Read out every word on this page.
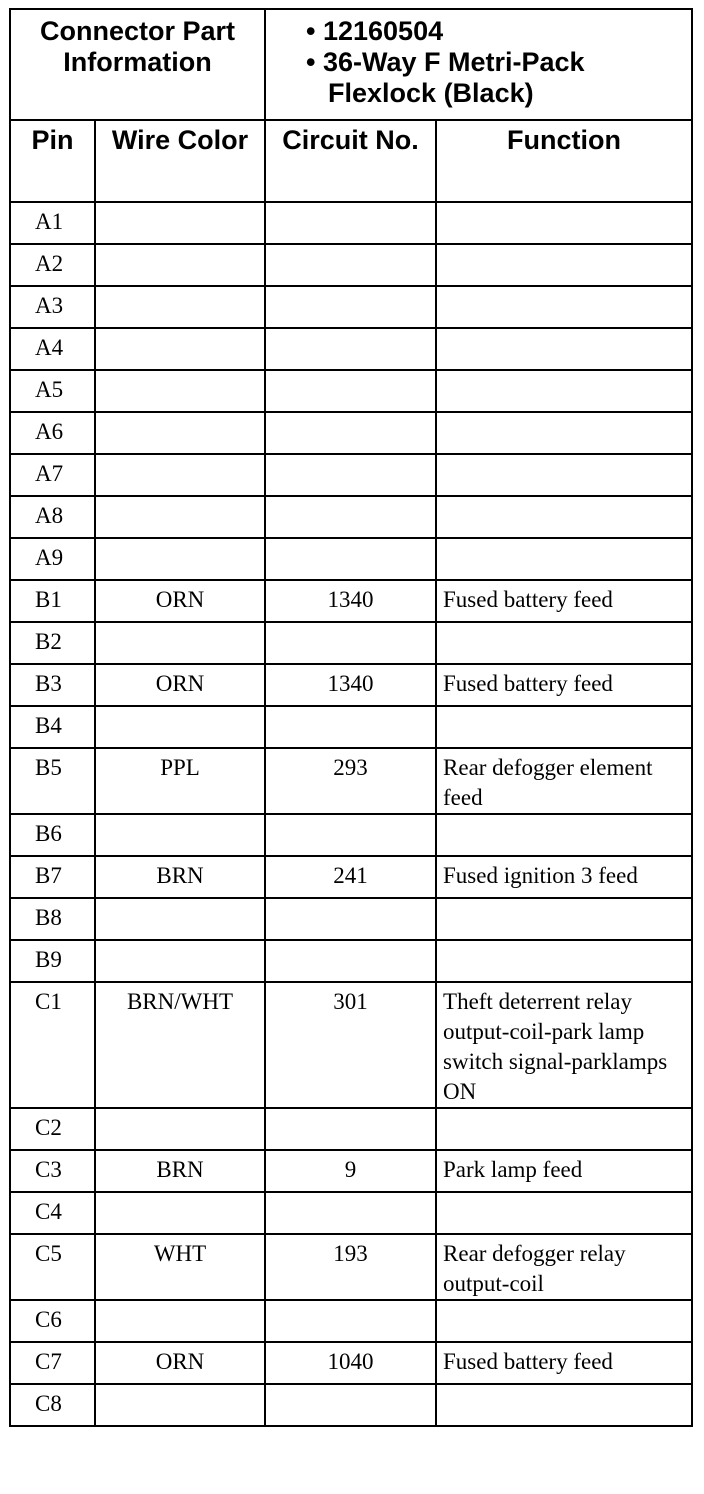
Connector Part Information		• 12160504
• 36-Way F Metri-Pack
Flexlock (Black)	

Pin	Wire Color	Circuit No.	Function
A1			
A2			
A3			
A4			
A5			
A6			
A7			
A8			
A9			
B1	ORN	1340	Fused battery feed
B2			
B3	ORN	1340	Fused battery feed
B4			
B5	PPL	293	Rear defogger element feed
B6			
B7	BRN	241	Fused ignition 3 feed
B8			
B9			
C1	BRN/WHT	301	Theft deterrent relay output-coil-park lamp switch signal-parklamps ON
C2			
C3	BRN	9	Park lamp feed
C4			
C5	WHT	193	Rear defogger relay output-coil
C6			
C7	ORN	1040	Fused battery feed
C8			
